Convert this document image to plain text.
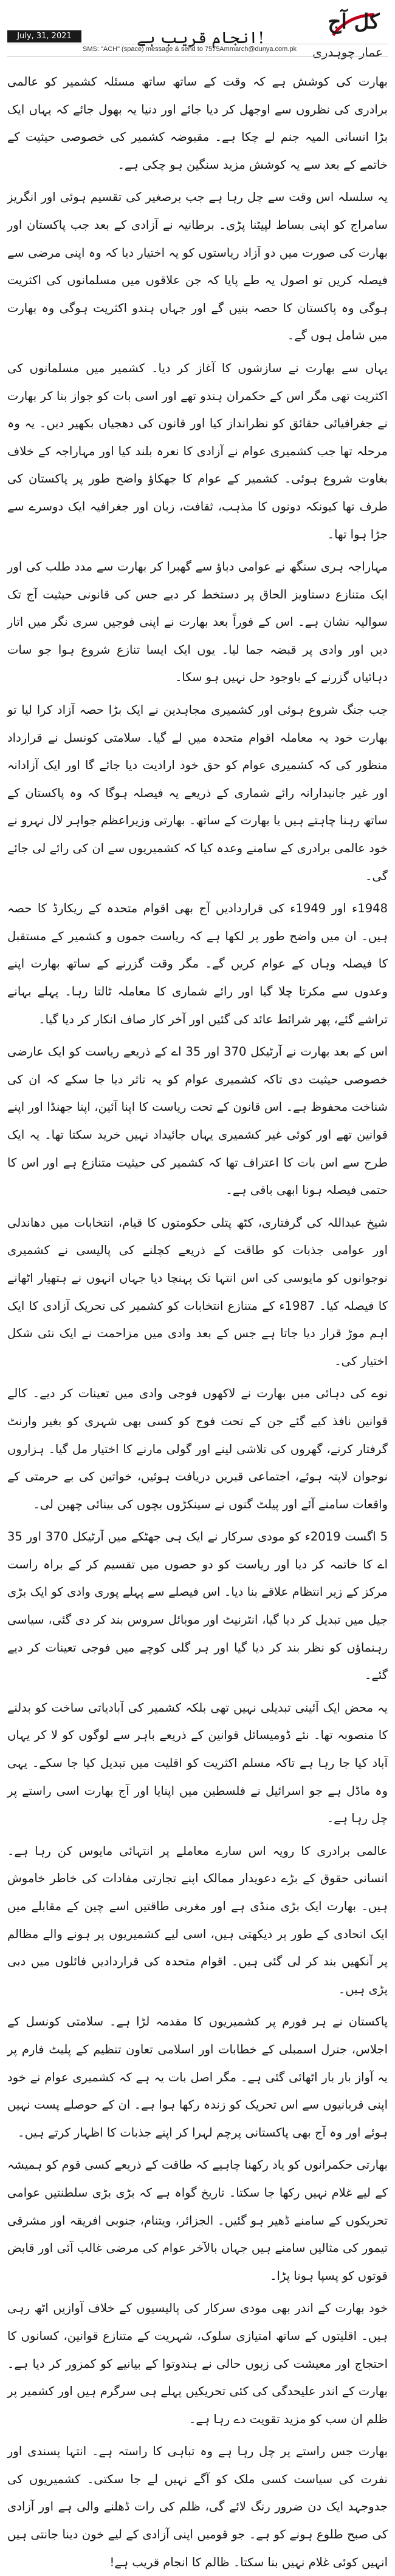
کل آج
عمار چوہدری
انجام قریب ہے!
July, 31, 2021
SMS: "ACH" (space) message & send to 7575 Ammarch@dunya.com.pk

بھارت کی کوشش ہے کہ وقت کے ساتھ ساتھ مسئلہ کشمیر کو عالمی برادری کی نظروں سے اوجھل کر دیا جائے اور دنیا یہ بھول جائے کہ یہاں ایک بڑا انسانی المیہ جنم لے چکا ہے۔ مقبوضہ کشمیر کی خصوصی حیثیت کے خاتمے کے بعد سے یہ کوشش مزید سنگین ہو چکی ہے۔

یہ سلسلہ اس وقت سے چل رہا ہے جب برصغیر کی تقسیم ہوئی اور انگریز سامراج کو اپنی بساط لپیٹنا پڑی۔ برطانیہ نے آزادی کے بعد جب پاکستان اور بھارت کی صورت میں دو آزاد ریاستوں کو یہ اختیار دیا کہ وہ اپنی مرضی سے فیصلہ کریں تو اصول یہ طے پایا کہ جن علاقوں میں مسلمانوں کی اکثریت ہوگی وہ پاکستان کا حصہ بنیں گے اور جہاں ہندو اکثریت ہوگی وہ بھارت میں شامل ہوں گے۔

یہاں سے بھارت نے سازشوں کا آغاز کر دیا۔ کشمیر میں مسلمانوں کی اکثریت تھی مگر اس کے حکمران ہندو تھے اور اسی بات کو جواز بنا کر بھارت نے جغرافیائی حقائق کو نظرانداز کیا اور قانون کی دھجیاں بکھیر دیں۔ یہ وہ مرحلہ تھا جب کشمیری عوام نے آزادی کا نعرہ بلند کیا اور مہاراجہ کے خلاف بغاوت شروع ہوئی۔ کشمیر کے عوام کا جھکاؤ واضح طور پر پاکستان کی طرف تھا کیونکہ دونوں کا مذہب، ثقافت، زبان اور جغرافیہ ایک دوسرے سے جڑا ہوا تھا۔

مہاراجہ ہری سنگھ نے عوامی دباؤ سے گھبرا کر بھارت سے مدد طلب کی اور ایک متنازع دستاویز الحاق پر دستخط کر دیے جس کی قانونی حیثیت آج تک سوالیہ نشان ہے۔ اس کے فوراً بعد بھارت نے اپنی فوجیں سری نگر میں اتار دیں اور وادی پر قبضہ جما لیا۔ یوں ایک ایسا تنازع شروع ہوا جو سات دہائیاں گزرنے کے باوجود حل نہیں ہو سکا۔

جب جنگ شروع ہوئی اور کشمیری مجاہدین نے ایک بڑا حصہ آزاد کرا لیا تو بھارت خود یہ معاملہ اقوام متحدہ میں لے گیا۔ سلامتی کونسل نے قرارداد منظور کی کہ کشمیری عوام کو حق خود ارادیت دیا جائے گا اور ایک آزادانہ اور غیر جانبدارانہ رائے شماری کے ذریعے یہ فیصلہ ہوگا کہ وہ پاکستان کے ساتھ رہنا چاہتے ہیں یا بھارت کے ساتھ۔ بھارتی وزیراعظم جواہر لال نہرو نے خود عالمی برادری کے سامنے وعدہ کیا کہ کشمیریوں سے ان کی رائے لی جائے گی۔

1948ء اور 1949ء کی قراردادیں آج بھی اقوام متحدہ کے ریکارڈ کا حصہ ہیں۔ ان میں واضح طور پر لکھا ہے کہ ریاست جموں و کشمیر کے مستقبل کا فیصلہ وہاں کے عوام کریں گے۔ مگر وقت گزرنے کے ساتھ بھارت اپنے وعدوں سے مکرتا چلا گیا اور رائے شماری کا معاملہ ٹالتا رہا۔ پہلے بہانے تراشے گئے، پھر شرائط عائد کی گئیں اور آخر کار صاف انکار کر دیا گیا۔

اس کے بعد بھارت نے آرٹیکل 370 اور 35 اے کے ذریعے ریاست کو ایک عارضی خصوصی حیثیت دی تاکہ کشمیری عوام کو یہ تاثر دیا جا سکے کہ ان کی شناخت محفوظ ہے۔ اس قانون کے تحت ریاست کا اپنا آئین، اپنا جھنڈا اور اپنے قوانین تھے اور کوئی غیر کشمیری یہاں جائیداد نہیں خرید سکتا تھا۔ یہ ایک طرح سے اس بات کا اعتراف تھا کہ کشمیر کی حیثیت متنازع ہے اور اس کا حتمی فیصلہ ہونا ابھی باقی ہے۔

شیخ عبداللہ کی گرفتاری، کٹھ پتلی حکومتوں کا قیام، انتخابات میں دھاندلی اور عوامی جذبات کو طاقت کے ذریعے کچلنے کی پالیسی نے کشمیری نوجوانوں کو مایوسی کی اس انتہا تک پہنچا دیا جہاں انہوں نے ہتھیار اٹھانے کا فیصلہ کیا۔ 1987ء کے متنازع انتخابات کو کشمیر کی تحریک آزادی کا ایک اہم موڑ قرار دیا جاتا ہے جس کے بعد وادی میں مزاحمت نے ایک نئی شکل اختیار کی۔

نوے کی دہائی میں بھارت نے لاکھوں فوجی وادی میں تعینات کر دیے۔ کالے قوانین نافذ کیے گئے جن کے تحت فوج کو کسی بھی شہری کو بغیر وارنٹ گرفتار کرنے، گھروں کی تلاشی لینے اور گولی مارنے کا اختیار مل گیا۔ ہزاروں نوجوان لاپتہ ہوئے، اجتماعی قبریں دریافت ہوئیں، خواتین کی بے حرمتی کے واقعات سامنے آئے اور پیلٹ گنوں نے سینکڑوں بچوں کی بینائی چھین لی۔

5 اگست 2019ء کو مودی سرکار نے ایک ہی جھٹکے میں آرٹیکل 370 اور 35 اے کا خاتمہ کر دیا اور ریاست کو دو حصوں میں تقسیم کر کے براہ راست مرکز کے زیر انتظام علاقے بنا دیا۔ اس فیصلے سے پہلے پوری وادی کو ایک بڑی جیل میں تبدیل کر دیا گیا، انٹرنیٹ اور موبائل سروس بند کر دی گئی، سیاسی رہنماؤں کو نظر بند کر دیا گیا اور ہر گلی کوچے میں فوجی تعینات کر دیے گئے۔

یہ محض ایک آئینی تبدیلی نہیں تھی بلکہ کشمیر کی آبادیاتی ساخت کو بدلنے کا منصوبہ تھا۔ نئے ڈومیسائل قوانین کے ذریعے باہر سے لوگوں کو لا کر یہاں آباد کیا جا رہا ہے تاکہ مسلم اکثریت کو اقلیت میں تبدیل کیا جا سکے۔ یہی وہ ماڈل ہے جو اسرائیل نے فلسطین میں اپنایا اور آج بھارت اسی راستے پر چل رہا ہے۔

عالمی برادری کا رویہ اس سارے معاملے پر انتہائی مایوس کن رہا ہے۔ انسانی حقوق کے بڑے دعویدار ممالک اپنے تجارتی مفادات کی خاطر خاموش ہیں۔ بھارت ایک بڑی منڈی ہے اور مغربی طاقتیں اسے چین کے مقابلے میں ایک اتحادی کے طور پر دیکھتی ہیں، اسی لیے کشمیریوں پر ہونے والے مظالم پر آنکھیں بند کر لی گئی ہیں۔ اقوام متحدہ کی قراردادیں فائلوں میں دبی پڑی ہیں۔

پاکستان نے ہر فورم پر کشمیریوں کا مقدمہ لڑا ہے۔ سلامتی کونسل کے اجلاس، جنرل اسمبلی کے خطابات اور اسلامی تعاون تنظیم کے پلیٹ فارم پر یہ آواز بار بار اٹھائی گئی ہے۔ مگر اصل بات یہ ہے کہ کشمیری عوام نے خود اپنی قربانیوں سے اس تحریک کو زندہ رکھا ہوا ہے۔ ان کے حوصلے پست نہیں ہوئے اور وہ آج بھی پاکستانی پرچم لہرا کر اپنے جذبات کا اظہار کرتے ہیں۔

بھارتی حکمرانوں کو یاد رکھنا چاہیے کہ طاقت کے ذریعے کسی قوم کو ہمیشہ کے لیے غلام نہیں رکھا جا سکتا۔ تاریخ گواہ ہے کہ بڑی بڑی سلطنتیں عوامی تحریکوں کے سامنے ڈھیر ہو گئیں۔ الجزائر، ویتنام، جنوبی افریقہ اور مشرقی تیمور کی مثالیں سامنے ہیں جہاں بالآخر عوام کی مرضی غالب آئی اور قابض قوتوں کو پسپا ہونا پڑا۔

خود بھارت کے اندر بھی مودی سرکار کی پالیسیوں کے خلاف آوازیں اٹھ رہی ہیں۔ اقلیتوں کے ساتھ امتیازی سلوک، شہریت کے متنازع قوانین، کسانوں کا احتجاج اور معیشت کی زبوں حالی نے ہندوتوا کے بیانیے کو کمزور کر دیا ہے۔ بھارت کے اندر علیحدگی کی کئی تحریکیں پہلے ہی سرگرم ہیں اور کشمیر پر ظلم ان سب کو مزید تقویت دے رہا ہے۔

بھارت جس راستے پر چل رہا ہے وہ تباہی کا راستہ ہے۔ انتہا پسندی اور نفرت کی سیاست کسی ملک کو آگے نہیں لے جا سکتی۔ کشمیریوں کی جدوجہد ایک دن ضرور رنگ لائے گی، ظلم کی رات ڈھلنے والی ہے اور آزادی کی صبح طلوع ہونے کو ہے۔ جو قومیں اپنی آزادی کے لیے خون دینا جانتی ہیں انہیں کوئی غلام نہیں بنا سکتا۔ ظالم کا انجام قریب ہے!
